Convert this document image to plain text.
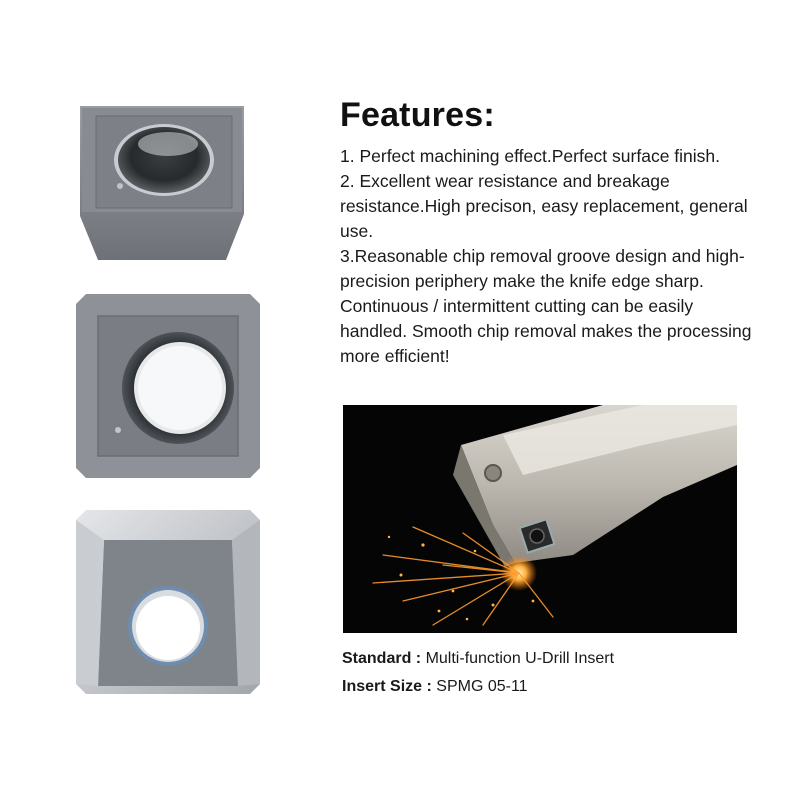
Features:

1. Perfect machining effect.Perfect surface finish.

2. Excellent wear resistance and breakage resistance.High precison, easy replacement, general use.

3.Reasonable chip removal groove design and high-precision periphery make the knife edge sharp. Continuous / intermittent cutting can be easily handled. Smooth chip removal makes the processing more efficient!

Standard : Multi-function U-Drill Insert
Insert Size : SPMG 05-11
